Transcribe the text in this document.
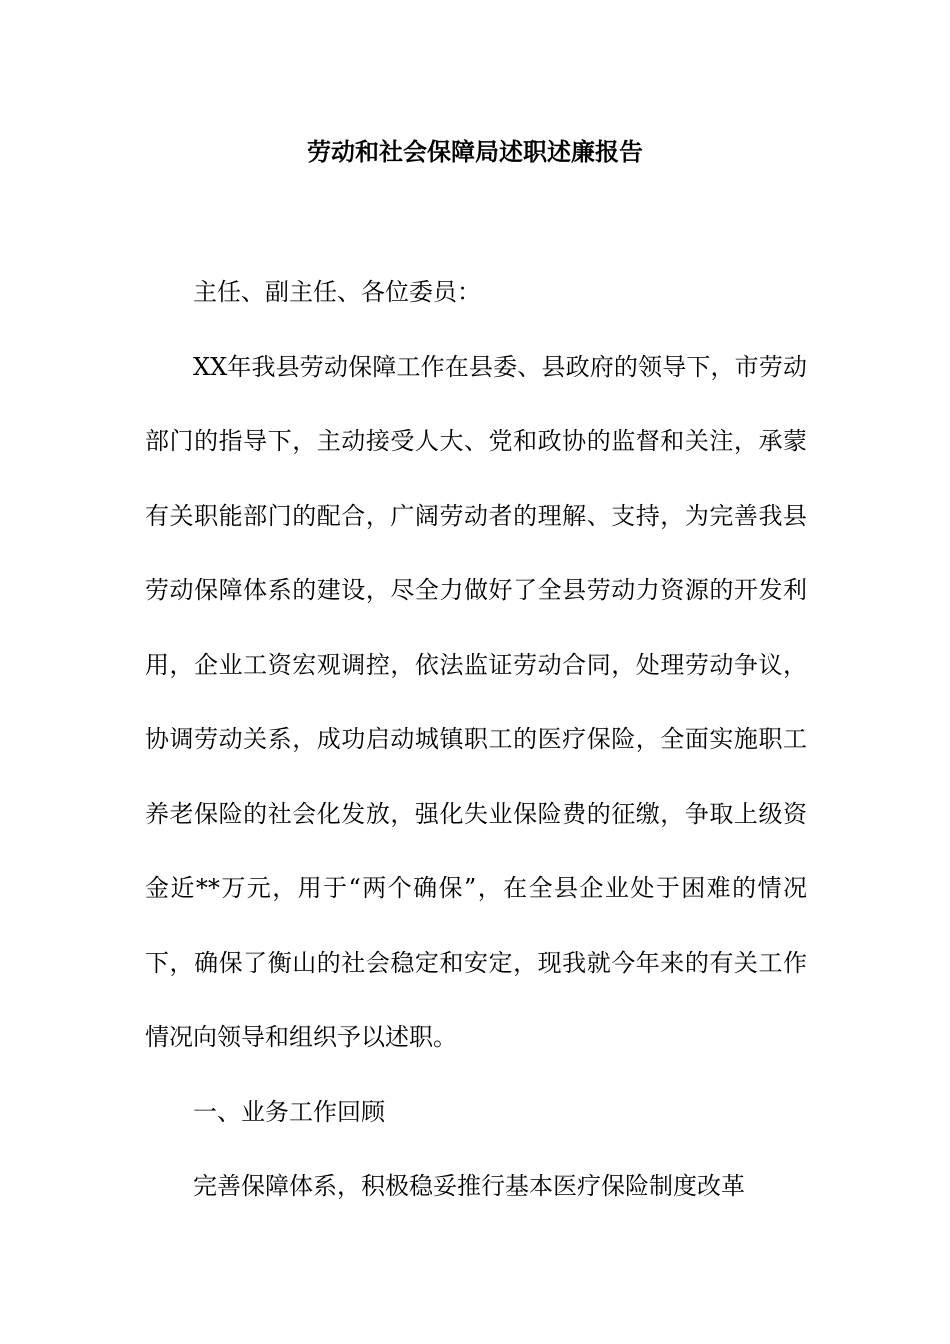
劳动和社会保障局述职述廉报告

主任、副主任、各位委员：

XX年我县劳动保障工作在县委、县政府的领导下，市劳动部门的指导下，主动接受人大、党和政协的监督和关注，承蒙有关职能部门的配合，广阔劳动者的理解、支持，为完善我县劳动保障体系的建设，尽全力做好了全县劳动力资源的开发利用，企业工资宏观调控，依法监证劳动合同，处理劳动争议，协调劳动关系，成功启动城镇职工的医疗保险，全面实施职工养老保险的社会化发放，强化失业保险费的征缴，争取上级资金近**万元，用于“两个确保”，在全县企业处于困难的情况下，确保了衡山的社会稳定和安定，现我就今年来的有关工作情况向领导和组织予以述职。

一、业务工作回顾

完善保障体系，积极稳妥推行基本医疗保险制度改革
